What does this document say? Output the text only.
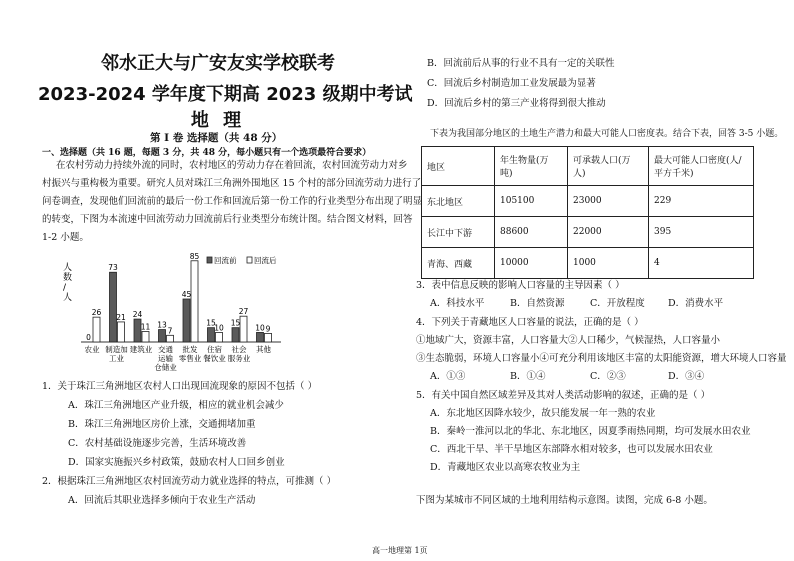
邻水正大与广安友实学校联考
2023-2024 学年度下期高 2023 级期中考试
地 理
第 I 卷 选择题（共 48 分）
一、选择题（共 16 题，每题 3 分，共 48 分，每小题只有一个选项最符合要求）
在农村劳动力持续外流的同时，农村地区的劳动力存在着回流，农村回流劳动力对乡
村振兴与重构极为重要。研究人员对珠江三角洲外围地区 15 个村的部分回流劳动力进行了
问卷调查，发现他们回流前的最后一份工作和回流后第一份工作的行业类型分布出现了明显
的转变，下图为本流速中回流劳动力回流前后行业类型分布统计图。结合图文材料，回答
1-2 小题。
人数/人
0
73
24
13
45
15 15
10
26
21
11 7
85
10
27
9
农业 制造加工业
建筑业 交通运输仓储业
批发零售业
住宿餐饮业
社会服务业
其他
回流前 回流后
1．关于珠江三角洲地区农村人口出现回流现象的原因不包括（ ）
A．珠江三角洲地区产业升级，相应的就业机会减少
B．珠江三角洲地区房价上涨，交通拥堵加重
C．农村基础设施逐步完善，生活环境改善
D．国家实施振兴乡村政策，鼓励农村人口回乡创业
2．根据珠江三角洲地区农村回流劳动力就业选择的特点，可推测（ ）
A．回流后其职业选择多倾向于农业生产活动
B．回流前后从事的行业不具有一定的关联性
C．回流后乡村制造加工业发展最为显著
D．回流后乡村的第三产业将得到很大推动
下表为我国部分地区的土地生产潜力和最大可能人口密度表。结合下表，回答 3-5 小题。
地区	年生物量(万
吨)	可承载人口(万
人)	最大可能人口密度(人/
平方千米)
东北地区	105100	23000	229
长江中下游	88600	22000	395
青海、西藏	10000	1000	4
3．表中信息反映的影响人口容量的主导因素（ ）
A．科技水平	B．自然资源	C．开放程度 D．消费水平
4．下列关于青藏地区人口容量的说法，正确的是（ ）
①地域广大，资源丰富，人口容量大②人口稀少，气候湿热，人口容量小
③生态脆弱，环境人口容量小④可充分利用该地区丰富的太阳能资源，增大环境人口容量
A．①③	B．①④	C．②③	D．③④
5．有关中国自然区域差异及其对人类活动影响的叙述，正确的是（ ）
A．东北地区因降水较少，故只能发展一年一熟的农业
B．秦岭一淮河以北的华北、东北地区，因夏季雨热同期，均可发展水田农业
C．西北干旱、半干旱地区东部降水相对较多，也可以发展水田农业
D．青藏地区农业以高寒农牧业为主
下图为某城市不同区域的土地利用结构示意图。读图，完成 6-8 小题。
高一地理第 1页
